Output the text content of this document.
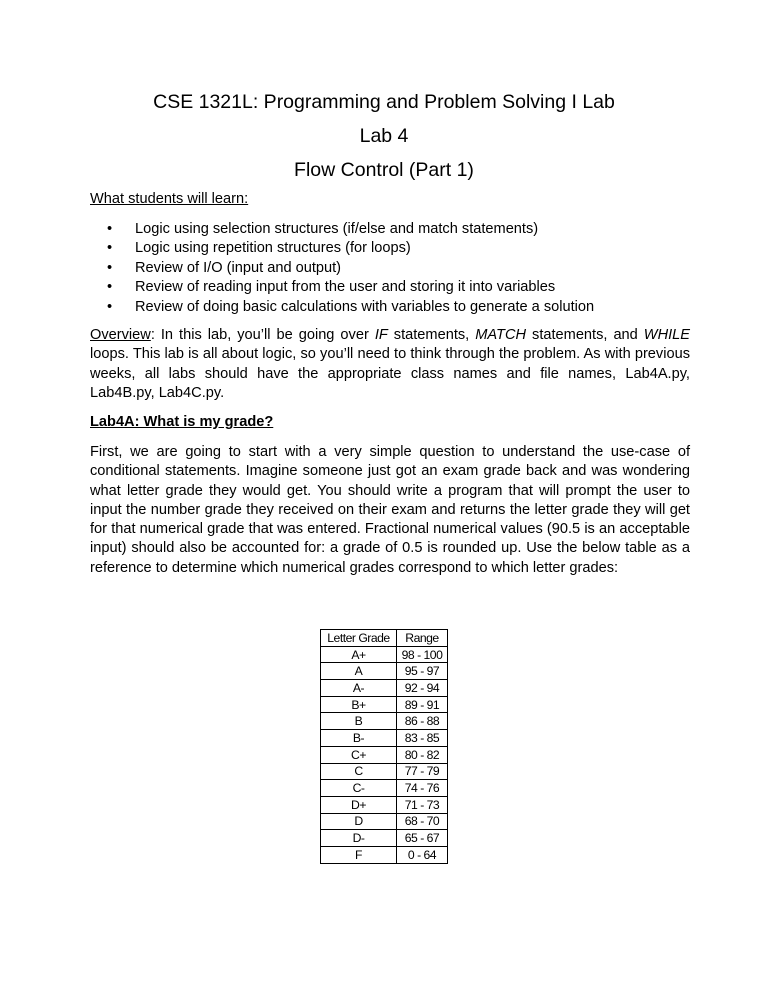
CSE 1321L: Programming and Problem Solving I Lab
Lab 4
Flow Control (Part 1)
What students will learn:
• Logic using selection structures (if/else and match statements)
• Logic using repetition structures (for loops)
• Review of I/O (input and output)
• Review of reading input from the user and storing it into variables
• Review of doing basic calculations with variables to generate a solution
Overview: In this lab, you’ll be going over IF statements, MATCH statements, and WHILE loops. This lab is all about logic, so you’ll need to think through the problem. As with previous weeks, all labs should have the appropriate class names and file names, Lab4A.py, Lab4B.py, Lab4C.py.
Lab4A: What is my grade?
First, we are going to start with a very simple question to understand the use-case of conditional statements. Imagine someone just got an exam grade back and was wondering what letter grade they would get. You should write a program that will prompt the user to input the number grade they received on their exam and returns the letter grade they will get for that numerical grade that was entered. Fractional numerical values (90.5 is an acceptable input) should also be accounted for: a grade of 0.5 is rounded up. Use the below table as a reference to determine which numerical grades correspond to which letter grades:
Letter Grade	Range
A+	98 - 100
A	95 - 97
A-	92 - 94
B+	89 - 91
B	86 - 88
B-	83 - 85
C+	80 - 82
C	77 - 79
C-	74 - 76
D+	71 - 73
D	68 - 70
D-	65 - 67
F	0 - 64
